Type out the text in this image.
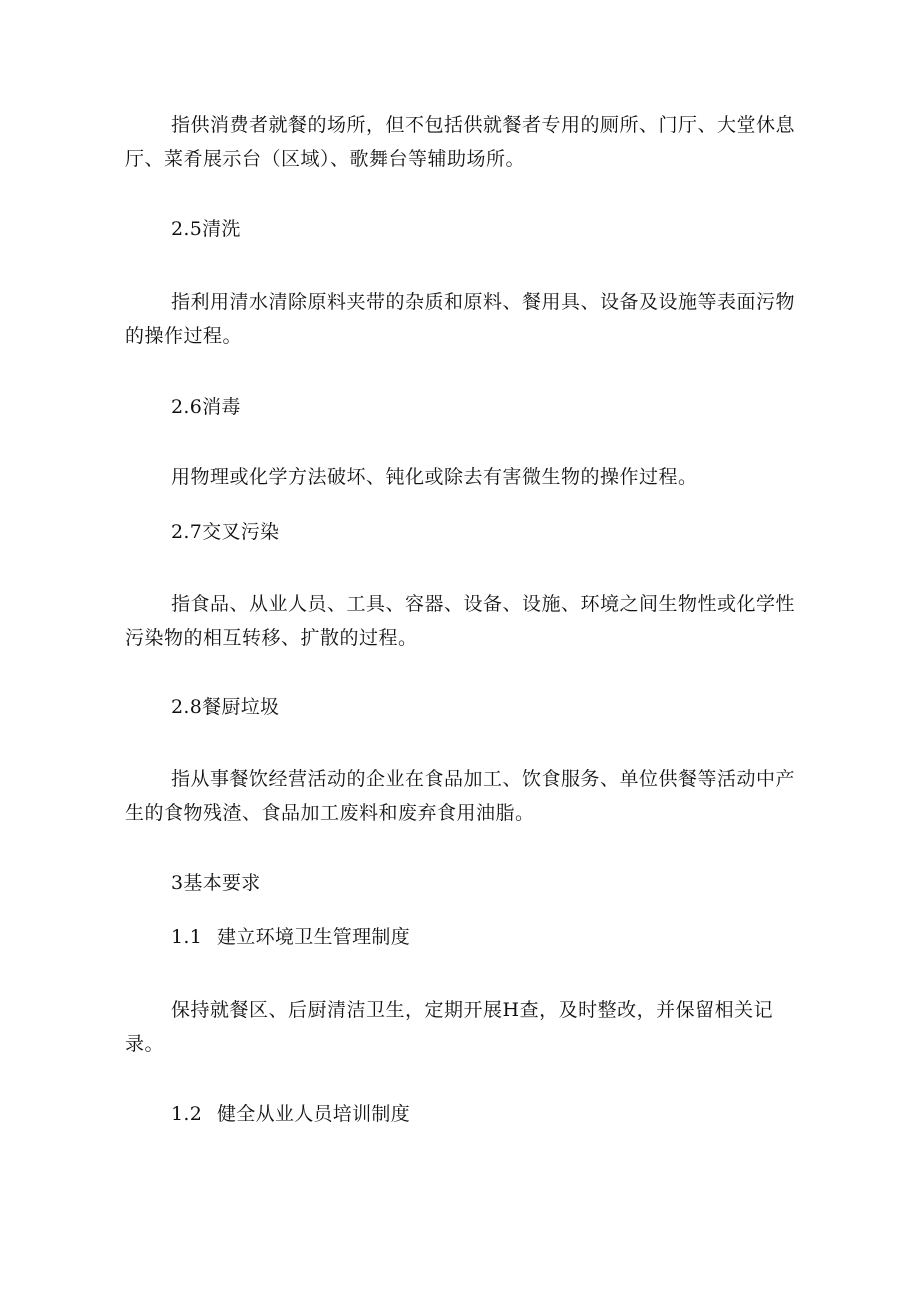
指供消费者就餐的场所，但不包括供就餐者专用的厕所、门厅、大堂休息厅、菜肴展示台（区域）、歌舞台等辅助场所。
2.5清洗
指利用清水清除原料夹带的杂质和原料、餐用具、设备及设施等表面污物的操作过程。
2.6消毒
用物理或化学方法破坏、钝化或除去有害微生物的操作过程。
2.7交叉污染
指食品、从业人员、工具、容器、设备、设施、环境之间生物性或化学性污染物的相互转移、扩散的过程。
2.8餐厨垃圾
指从事餐饮经营活动的企业在食品加工、饮食服务、单位供餐等活动中产生的食物残渣、食品加工废料和废弃食用油脂。
3基本要求
1.1 建立环境卫生管理制度
保持就餐区、后厨清洁卫生，定期开展H查，及时整改，并保留相关记录。
1.2 健全从业人员培训制度
